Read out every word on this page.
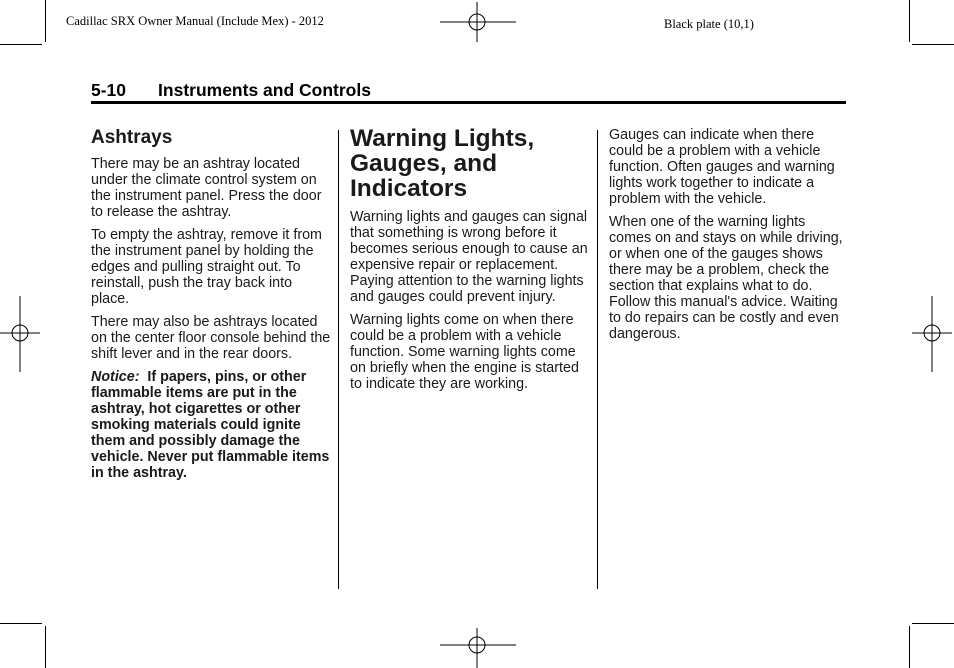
Cadillac SRX Owner Manual (Include Mex) - 2012	Black plate (10,1)
5-10 Instruments and Controls
Ashtrays

There may be an ashtray located under the climate control system on the instrument panel. Press the door to release the ashtray.

To empty the ashtray, remove it from the instrument panel by holding the edges and pulling straight out. To reinstall, push the tray back into place.

There may also be ashtrays located on the center floor console behind the shift lever and in the rear doors.

Notice: If papers, pins, or other flammable items are put in the ashtray, hot cigarettes or other smoking materials could ignite them and possibly damage the vehicle. Never put flammable items in the ashtray.

Warning Lights, Gauges, and Indicators

Warning lights and gauges can signal that something is wrong before it becomes serious enough to cause an expensive repair or replacement. Paying attention to the warning lights and gauges could prevent injury.

Warning lights come on when there could be a problem with a vehicle function. Some warning lights come on briefly when the engine is started to indicate they are working.

Gauges can indicate when there could be a problem with a vehicle function. Often gauges and warning lights work together to indicate a problem with the vehicle.

When one of the warning lights comes on and stays on while driving, or when one of the gauges shows there may be a problem, check the section that explains what to do. Follow this manual's advice. Waiting to do repairs can be costly and even dangerous.
